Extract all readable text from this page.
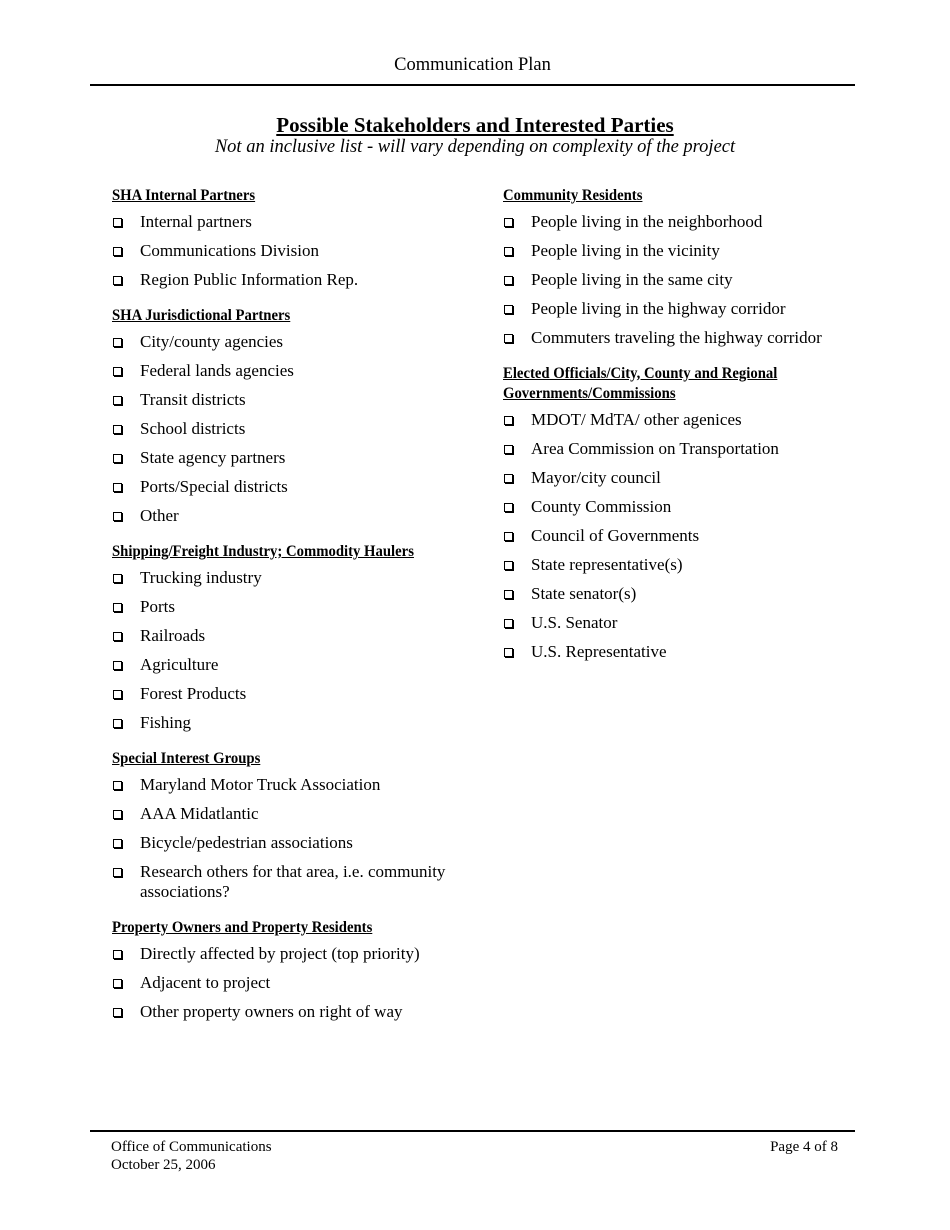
Communication Plan
Possible Stakeholders and Interested Parties
Not an inclusive list - will vary depending on complexity of the project
SHA Internal Partners
Internal partners
Communications Division
Region Public Information Rep.
SHA Jurisdictional Partners
City/county agencies
Federal lands agencies
Transit districts
School districts
State agency partners
Ports/Special districts
Other
Shipping/Freight Industry; Commodity Haulers
Trucking industry
Ports
Railroads
Agriculture
Forest Products
Fishing
Special Interest Groups
Maryland Motor Truck Association
AAA Midatlantic
Bicycle/pedestrian associations
Research others for that area, i.e. community associations?
Property Owners and Property Residents
Directly affected by project (top priority)
Adjacent to project
Other property owners on right of way
Community Residents
People living in the neighborhood
People living in the vicinity
People living in the same city
People living in the highway corridor
Commuters traveling the highway corridor
Elected Officials/City, County and Regional Governments/Commissions
MDOT/ MdTA/ other agenices
Area Commission on Transportation
Mayor/city council
County Commission
Council of Governments
State representative(s)
State senator(s)
U.S. Senator
U.S. Representative
Office of Communications
October 25, 2006
Page 4 of 8
